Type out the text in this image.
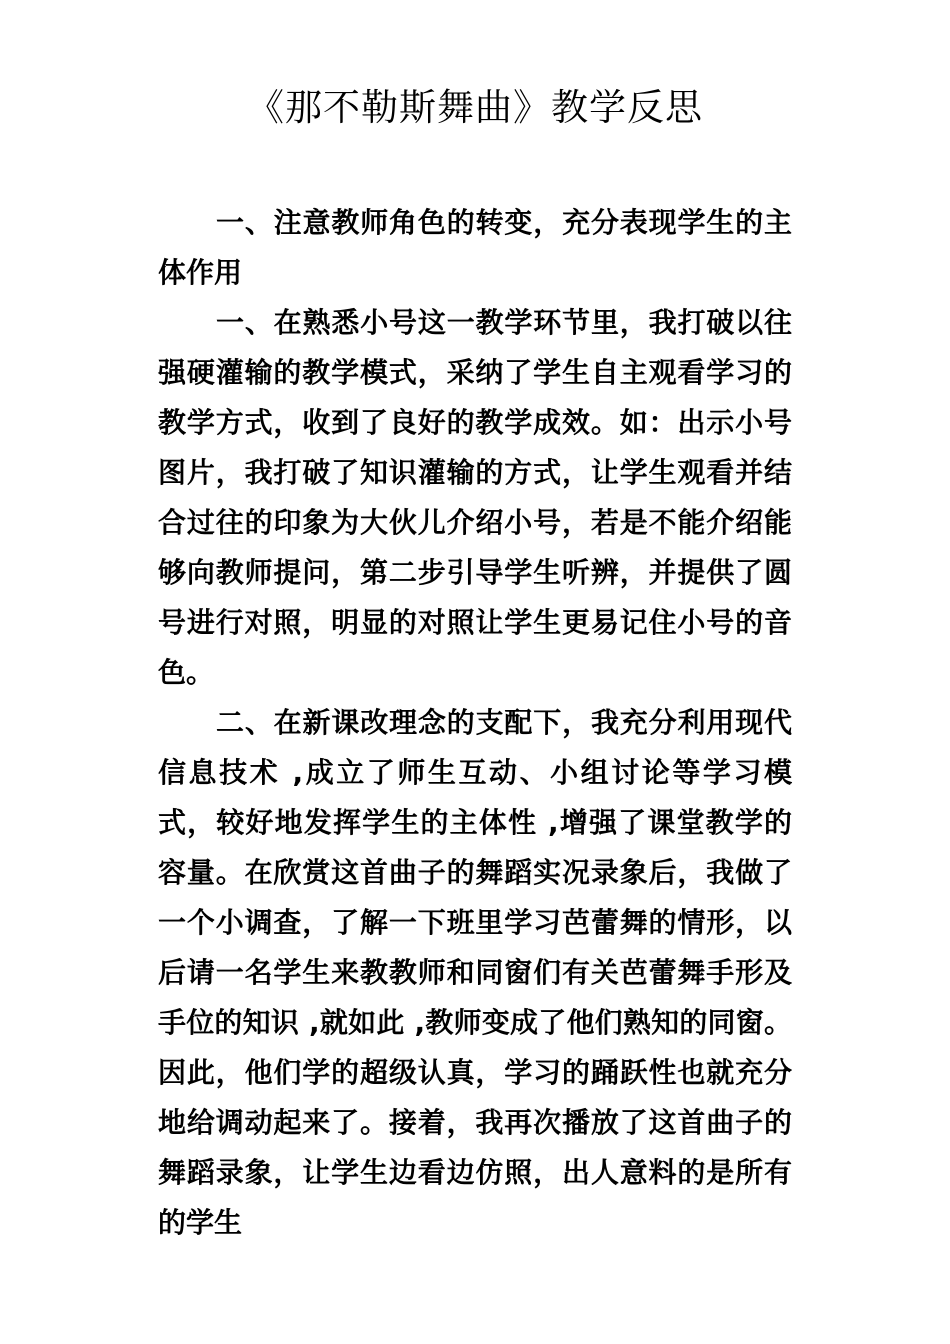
《那不勒斯舞曲》教学反思

一、注意教师角色的转变，充分表现学生的主体作用

一、在熟悉小号这一教学环节里，我打破以往强硬灌输的教学模式，采纳了学生自主观看学习的教学方式，收到了良好的教学成效。如：出示小号图片，我打破了知识灌输的方式，让学生观看并结合过往的印象为大伙儿介绍小号，若是不能介绍能够向教师提问，第二步引导学生听辨，并提供了圆号进行对照，明显的对照让学生更易记住小号的音色。

二、在新课改理念的支配下，我充分利用现代信息技术 ,成立了师生互动、小组讨论等学习模式，较好地发挥学生的主体性 ,增强了课堂教学的容量。在欣赏这首曲子的舞蹈实况录象后，我做了一个小调查，了解一下班里学习芭蕾舞的情形，以后请一名学生来教教师和同窗们有关芭蕾舞手形及手位的知识 ,就如此 ,教师变成了他们熟知的同窗。因此，他们学的超级认真，学习的踊跃性也就充分地给调动起来了。接着，我再次播放了这首曲子的舞蹈录象，让学生边看边仿照，出人意料的是所有的学生
